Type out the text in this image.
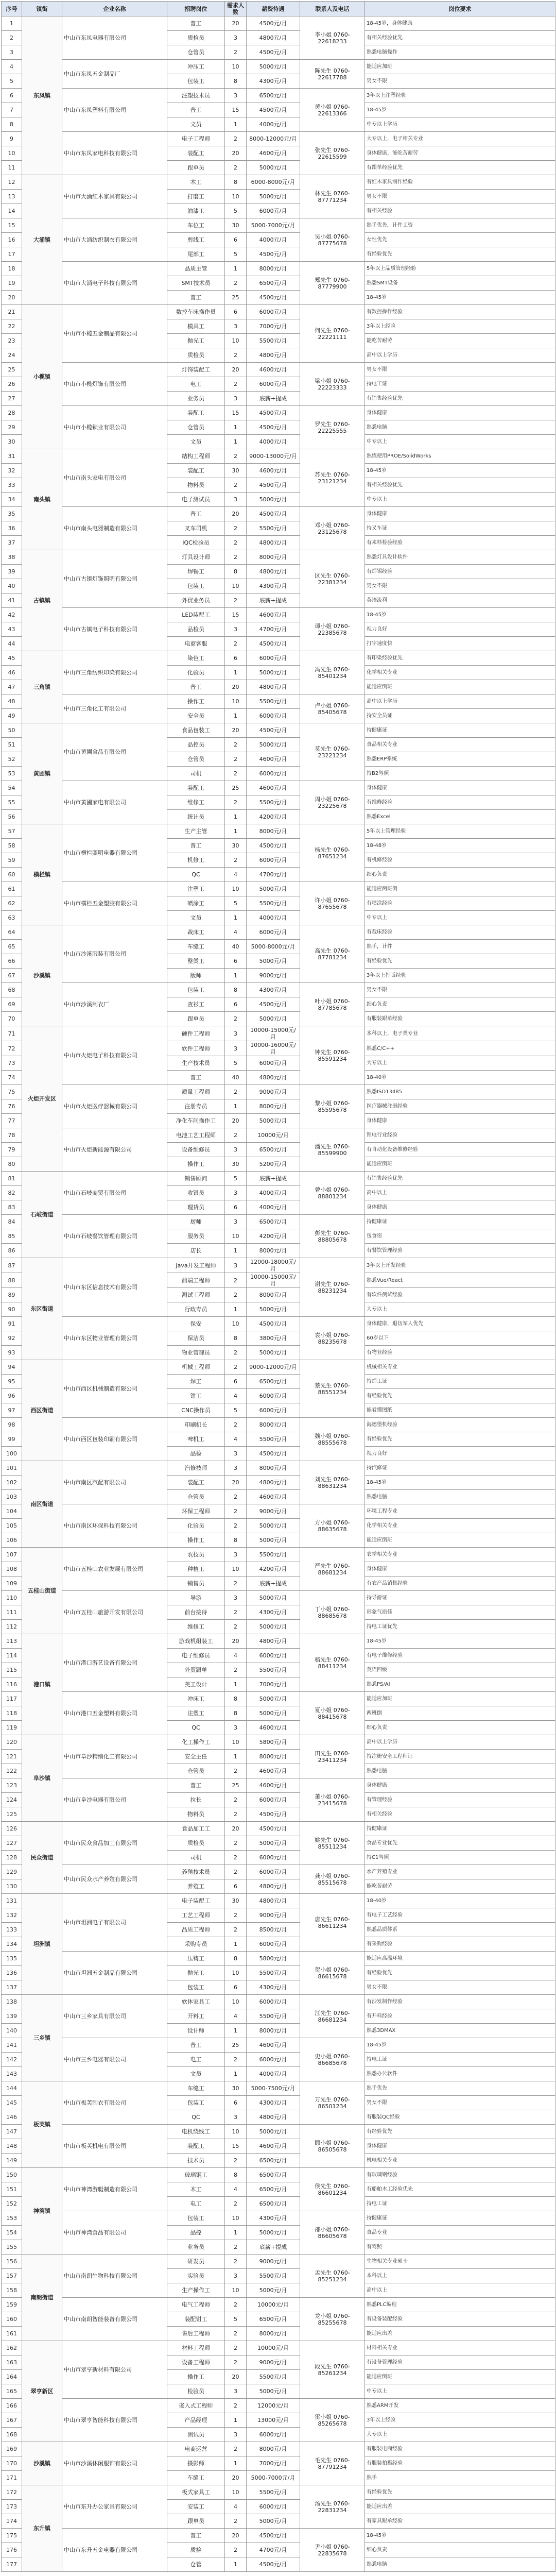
序号	镇街	企业名称	招聘岗位	需求人数	薪资待遇	联系人及电话	岗位要求
1	东凤镇	中山市东凤电器有限公司	普工	20	4500元/月	李小姐 0760-22618233	18-45岁，身体健康
2			质检员	3	4800元/月		有相关经验优先
3			仓管员	2	4500元/月		熟悉电脑操作
4		中山市东凤五金制品厂	冲压工	10	5000元/月	陈先生 0760-22617788	能适应加班
5			包装工	8	4300元/月		男女不限
6		中山市东凤塑料有限公司	注塑技术员	3	6500元/月	黄小姐 0760-22613366	3年以上注塑经验
7			普工	15	4500元/月		18-45岁
8			文员	1	4000元/月		中专以上学历
9		中山市东凤家电科技有限公司	电子工程师	2	8000-12000元/月	张先生 0760-22615599	大专以上，电子相关专业
10			装配工	20	4600元/月		身体健康，能吃苦耐劳
11			跟单员	2	5000元/月		有跟单经验优先
12	大涌镇	中山市大涌红木家具有限公司	木工	8	6000-8000元/月	林先生 0760-87771234	有红木家具制作经验
13			打磨工	10	5000元/月		男女不限
14			油漆工	5	6000元/月		有相关经验
15		中山市大涌纺织制衣有限公司	车位工	30	5000-7000元/月	吴小姐 0760-87775678	熟手优先，计件工资
16			剪线工	6	4000元/月		女性优先
17			尾部工	5	4500元/月		有经验优先
18		中山市大涌电子科技有限公司	品质主管	1	8000元/月	郑先生 0760-87779900	5年以上品质管理经验
19			SMT技术员	2	6500元/月		熟悉SMT设备
20			普工	25	4500元/月		18-45岁
21	小榄镇	中山市小榄五金制品有限公司	数控车床操作员	6	6000元/月	何先生 0760-22221111	有数控操作经验
22			模具工	3	7000元/月		3年以上经验
23			抛光工	10	5500元/月		能吃苦耐劳
24			质检员	2	4800元/月		高中以上学历
25		中山市小榄灯饰有限公司	灯饰装配工	20	4600元/月	梁小姐 0760-22223333	男女不限
26			电工	2	6000元/月		持电工证
27			业务员	3	底薪+提成		有销售经验优先
28		中山市小榄锁业有限公司	装配工	15	4500元/月	罗先生 0760-22225555	身体健康
29			仓管员	1	4500元/月		熟悉电脑
30			文员	1	4000元/月		中专以上
31	南头镇	中山市南头家电有限公司	结构工程师	2	9000-13000元/月	苏先生 0760-23121234	熟练使用PROE/SolidWorks
32			装配工	30	4600元/月		18-45岁
33			物料员	2	4500元/月		有相关经验优先
34			电子测试员	3	5000元/月		中专以上
35		中山市南头电器制造有限公司	普工	20	4500元/月	邓小姐 0760-23125678	身体健康
36			叉车司机	2	5500元/月		持叉车证
37			IQC检验员	2	4800元/月		有来料检验经验
38	古镇镇	中山市古镇灯饰照明有限公司	灯具设计师	2	8000元/月	区先生 0760-22381234	熟悉灯具设计软件
39			焊锡工	8	4800元/月		有焊锡经验
40			包装工	10	4300元/月		男女不限
41			外贸业务员	2	底薪+提成		英语流利
42		中山市古镇电子科技有限公司	LED装配工	15	4600元/月	谭小姐 0760-22385678	18-45岁
43			品检员	3	4700元/月		视力良好
44			电商客服	2	4500元/月		打字速度快
45	三角镇	中山市三角纺织印染有限公司	染色工	6	6000元/月	冯先生 0760-85401234	有印染经验优先
46			化验员	1	5000元/月		化学相关专业
47			普工	20	4800元/月		能适应倒班
48		中山市三角化工有限公司	操作工	10	5500元/月	卢小姐 0760-85405678	高中以上学历
49			安全员	1	6000元/月		持安全员证
50	黄圃镇	中山市黄圃食品有限公司	食品包装工	20	4500元/月	莫先生 0760-23221234	持健康证
51			品控员	2	5000元/月		食品相关专业
52			仓管员	2	4600元/月		熟悉ERP系统
53			司机	2	6000元/月		持B2驾照
54		中山市黄圃家电有限公司	装配工	25	4600元/月	周小姐 0760-23225678	身体健康
55			维修工	2	5500元/月		有维修经验
56			统计员	1	4200元/月		熟悉Excel
57	横栏镇	中山市横栏照明电器有限公司	生产主管	1	8000元/月	杨先生 0760-87651234	5年以上管理经验
58			普工	30	4500元/月		18-48岁
59			机修工	2	6000元/月		有机修经验
60			QC	4	4700元/月		细心负责
61		中山市横栏五金塑胶有限公司	注塑工	10	5000元/月	许小姐 0760-87655678	能适应两班倒
62			喷涂工	5	5500元/月		有喷涂经验
63			文员	1	4000元/月		中专以上
64	沙溪镇	中山市沙溪服装有限公司	裁床工	4	6000元/月	高先生 0760-87781234	有裁床经验
65			车缝工	40	5000-8000元/月		熟手，计件
66			整烫工	6	5000元/月		有经验优先
67			版师	1	9000元/月		3年以上打版经验
68		中山市沙溪制衣厂	包装工	8	4300元/月	叶小姐 0760-87785678	男女不限
69			查衫工	6	4500元/月		细心负责
70			跟单员	2	5000元/月		有服装跟单经验
71	火炬开发区	中山市火炬电子科技有限公司	硬件工程师	3	10000-15000元/月	钟先生 0760-85591234	本科以上，电子类专业
72			软件工程师	3	10000-16000元/月		熟悉C/C++
73			生产技术员	5	6000元/月		大专以上
74			普工	40	4800元/月		18-40岁
75		中山市火炬医疗器械有限公司	质量工程师	2	9000元/月	黎小姐 0760-85595678	熟悉ISO13485
76			注册专员	1	8000元/月		医疗器械注册经验
77			净化车间操作工	20	5000元/月		身体健康
78		中山市火炬新能源有限公司	电池工艺工程师	2	10000元/月	潘先生 0760-85599900	锂电行业经验
79			设备维修员	3	6500元/月		有自动化设备维修经验
80			操作工	30	5200元/月		能适应倒班
81	石岐街道	中山市石岐商贸有限公司	销售顾问	5	底薪+提成	曾小姐 0760-88801234	有销售经验优先
82			收银员	3	4000元/月		高中以上
83			理货员	6	4000元/月		身体健康
84		中山市石岐餐饮管理有限公司	厨师	3	6500元/月	彭先生 0760-88805678	持健康证
85			服务员	10	4200元/月		包食宿
86			店长	1	8000元/月		有餐饮管理经验
87	东区街道	中山市东区信息技术有限公司	Java开发工程师	3	12000-18000元/月	谢先生 0760-88231234	3年以上开发经验
88			前端工程师	2	10000-15000元/月		熟悉Vue/React
89			测试工程师	2	8000元/月		有软件测试经验
90			行政专员	1	5000元/月		大专以上
91		中山市东区物业管理有限公司	保安	10	4500元/月	袁小姐 0760-88235678	身体健康，退伍军人优先
92			保洁员	8	3800元/月		60岁以下
93			物业管理员	2	5000元/月		有物业经验
94	西区街道	中山市西区机械制造有限公司	机械工程师	2	9000-12000元/月	蔡先生 0760-88551234	机械相关专业
95			焊工	6	6500元/月		持焊工证
96			钳工	4	6000元/月		有经验优先
97			CNC操作员	5	6000元/月		能看懂图纸
98		中山市西区包装印刷有限公司	印刷机长	2	8000元/月	魏小姐 0760-88555678	海德堡机经验
99			啤机工	4	5500元/月		有经验优先
100			品检	3	4500元/月		视力良好
101	南区街道	中山市南区汽配有限公司	汽修技师	3	8000元/月	刘先生 0760-88631234	持汽修证
102			装配工	20	4800元/月		18-45岁
103			仓管员	2	4600元/月		熟悉电脑
104		中山市南区环保科技有限公司	环保工程师	2	9000元/月	方小姐 0760-88635678	环境工程专业
105			化验员	2	5000元/月		化学相关专业
106			操作工	8	5000元/月		能适应倒班
107	五桂山街道	中山市五桂山农业发展有限公司	农技员	3	5500元/月	严先生 0760-88681234	农学相关专业
108			种植工	10	4200元/月		身体健康
109			销售员	2	底薪+提成		有农产品销售经验
110		中山市五桂山旅游开发有限公司	导游	3	5000元/月	丁小姐 0760-88685678	持导游证
111			前台接待	2	4300元/月		形象气质佳
112			维修工	2	5000元/月		持电工证优先
113	港口镇	中山市港口游艺设备有限公司	游戏机组装工	20	4800元/月	骆先生 0760-88411234	18-45岁
114			电子维修员	4	6000元/月		有电子维修经验
115			外贸跟单	2	5500元/月		英语四级
116			美工设计	1	7000元/月		熟悉PS/AI
117		中山市港口五金塑料有限公司	冲床工	8	5000元/月	夏小姐 0760-88415678	能适应加班
118			注塑工	8	5000元/月		两班倒
119			QC	3	4600元/月		细心负责
120	阜沙镇	中山市阜沙精细化工有限公司	化工操作工	10	5800元/月	田先生 0760-23411234	高中以上学历
121			安全主任	1	8000元/月		持注册安全工程师证
122			仓管员	2	4600元/月		熟悉电脑
123		中山市阜沙电器有限公司	普工	25	4600元/月	萧小姐 0760-23415678	身体健康
124			拉长	2	6000元/月		有管理经验
125			物料员	2	4500元/月		有相关经验
126	民众街道	中山市民众食品加工有限公司	食品加工工	20	4500元/月	姚先生 0760-85511234	持健康证
127			质检员	2	5000元/月		食品专业优先
128			司机	2	6000元/月		持C1驾照
129		中山市民众水产养殖有限公司	养殖技术员	2	6000元/月	龚小姐 0760-85515678	水产养殖专业
130			养殖工	6	4800元/月		能吃苦耐劳
131	坦洲镇	中山市坦洲电子有限公司	电子装配工	30	4800元/月	唐先生 0760-86611234	18-40岁
132			工艺工程师	2	9000元/月		有电子工艺经验
133			品质工程师	2	8500元/月		熟悉品质体系
134			采购专员	1	6000元/月		有采购经验
135		中山市坦洲五金制品有限公司	压铸工	8	5800元/月	贺小姐 0760-86615678	能适应高温环境
136			抛光工	10	5500元/月		有经验优先
137			包装工	6	4300元/月		男女不限
138	三乡镇	中山市三乡家具有限公司	软体家具工	10	6000元/月	江先生 0760-86681234	有沙发制作经验
139			开料工	4	5500元/月		有开料经验
140			设计师	1	8000元/月		熟悉3DMAX
141		中山市三乡电器有限公司	普工	25	4600元/月	史小姐 0760-86685678	18-45岁
142			电工	2	6000元/月		持电工证
143			文员	1	4000元/月		熟悉办公软件
144	板芙镇	中山市板芙制衣有限公司	车缝工	30	5000-7500元/月	万先生 0760-86501234	熟手优先
145			包装工	6	4300元/月		男女不限
146			QC	3	4800元/月		有服装QC经验
147		中山市板芙机电有限公司	电机绕线工	10	5000元/月	顾小姐 0760-86505678	有经验优先
148			装配工	15	4600元/月		身体健康
149			技术员	2	6500元/月		机电相关专业
150	神湾镇	中山市神湾游艇制造有限公司	玻璃钢工	8	6500元/月	侯先生 0760-86601234	有玻璃钢经验
151			木工	4	6500元/月		有船舶木工经验优先
152			电工	2	6500元/月		持电工证
153		中山市神湾食品有限公司	包装工	10	4300元/月	邵小姐 0760-86605678	持健康证
154			品控	1	5000元/月		食品专业
155			业务员	2	底薪+提成		有驾照
156	南朗街道	中山市南朗生物科技有限公司	研发员	2	9000元/月	孟先生 0760-85251234	生物相关专业硕士
157			实验员	3	5500元/月		本科以上
158			生产操作工	10	5000元/月		高中以上
159		中山市南朗智能装备有限公司	电气工程师	2	10000元/月	龙小姐 0760-85255678	熟悉PLC编程
160			装配钳工	5	6500元/月		有设备装配经验
161			售后工程师	2	8000元/月		能适应出差
162	翠亨新区	中山市翠亨新材料有限公司	材料工程师	2	10000元/月	段先生 0760-85261234	材料相关专业
163			设备工程师	2	9000元/月		有设备管理经验
164			操作工	20	5500元/月		能适应倒班
165			检验员	3	5000元/月		中专以上
166		中山市翠亨智能科技有限公司	嵌入式工程师	2	12000元/月	雷小姐 0760-85265678	熟悉ARM开发
167			产品经理	1	13000元/月		3年以上经验
168			测试员	3	6000元/月		大专以上
169	沙溪镇	中山市沙溪休闲服饰有限公司	电商运营	2	8000元/月	毛先生 0760-87791234	有服装电商经验
170			摄影师	1	7000元/月		有服装拍摄经验
171			车缝工	20	5000-7000元/月		熟手
172	东升镇	中山市东升办公家具有限公司	板式家具工	10	5500元/月	汤先生 0760-22831234	有经验优先
173			安装工	4	6000元/月		能适应出差
174			跟单员	2	5000元/月		有家具跟单经验
175		中山市东升五金电器有限公司	普工	20	4500元/月	尹小姐 0760-22835678	18-45岁
176			质检	2	4700元/月		细心负责
177			仓管	1	4500元/月		熟悉电脑
